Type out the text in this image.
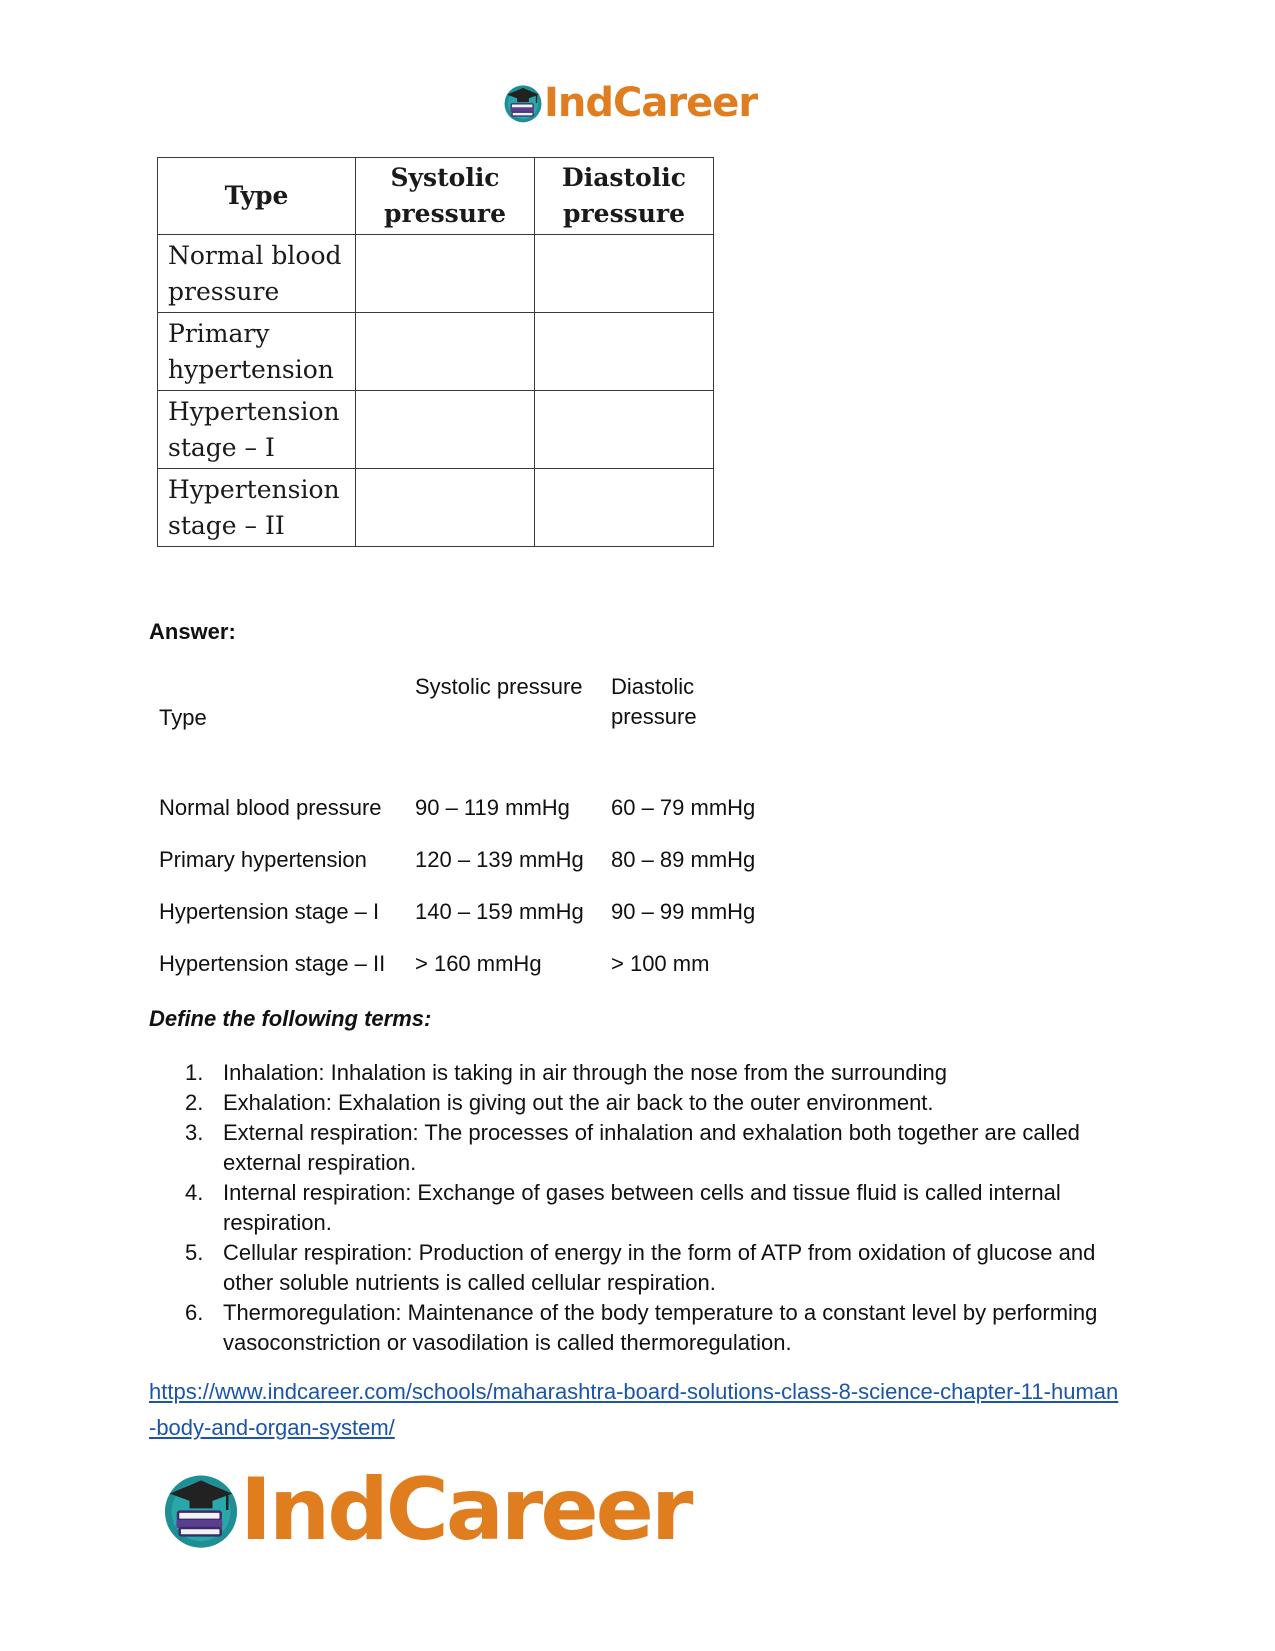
IndCareer
Type	Systolic pressure	Diastolic pressure
Normal blood pressure		
Primary hypertension		
Hypertension stage – I		
Hypertension stage – II		
Answer:
Type	Systolic pressure	Diastolic pressure
Normal blood pressure	90 – 119 mmHg	60 – 79 mmHg
Primary hypertension	120 – 139 mmHg	80 – 89 mmHg
Hypertension stage – I	140 – 159 mmHg	90 – 99 mmHg
Hypertension stage – II	> 160 mmHg	> 100 mm
Define the following terms:
1. Inhalation: Inhalation is taking in air through the nose from the surrounding
2. Exhalation: Exhalation is giving out the air back to the outer environment.
3. External respiration: The processes of inhalation and exhalation both together are called external respiration.
4. Internal respiration: Exchange of gases between cells and tissue fluid is called internal respiration.
5. Cellular respiration: Production of energy in the form of ATP from oxidation of glucose and other soluble nutrients is called cellular respiration.
6. Thermoregulation: Maintenance of the body temperature to a constant level by performing vasoconstriction or vasodilation is called thermoregulation.
https://www.indcareer.com/schools/maharashtra-board-solutions-class-8-science-chapter-11-human-body-and-organ-system/
IndCareer
